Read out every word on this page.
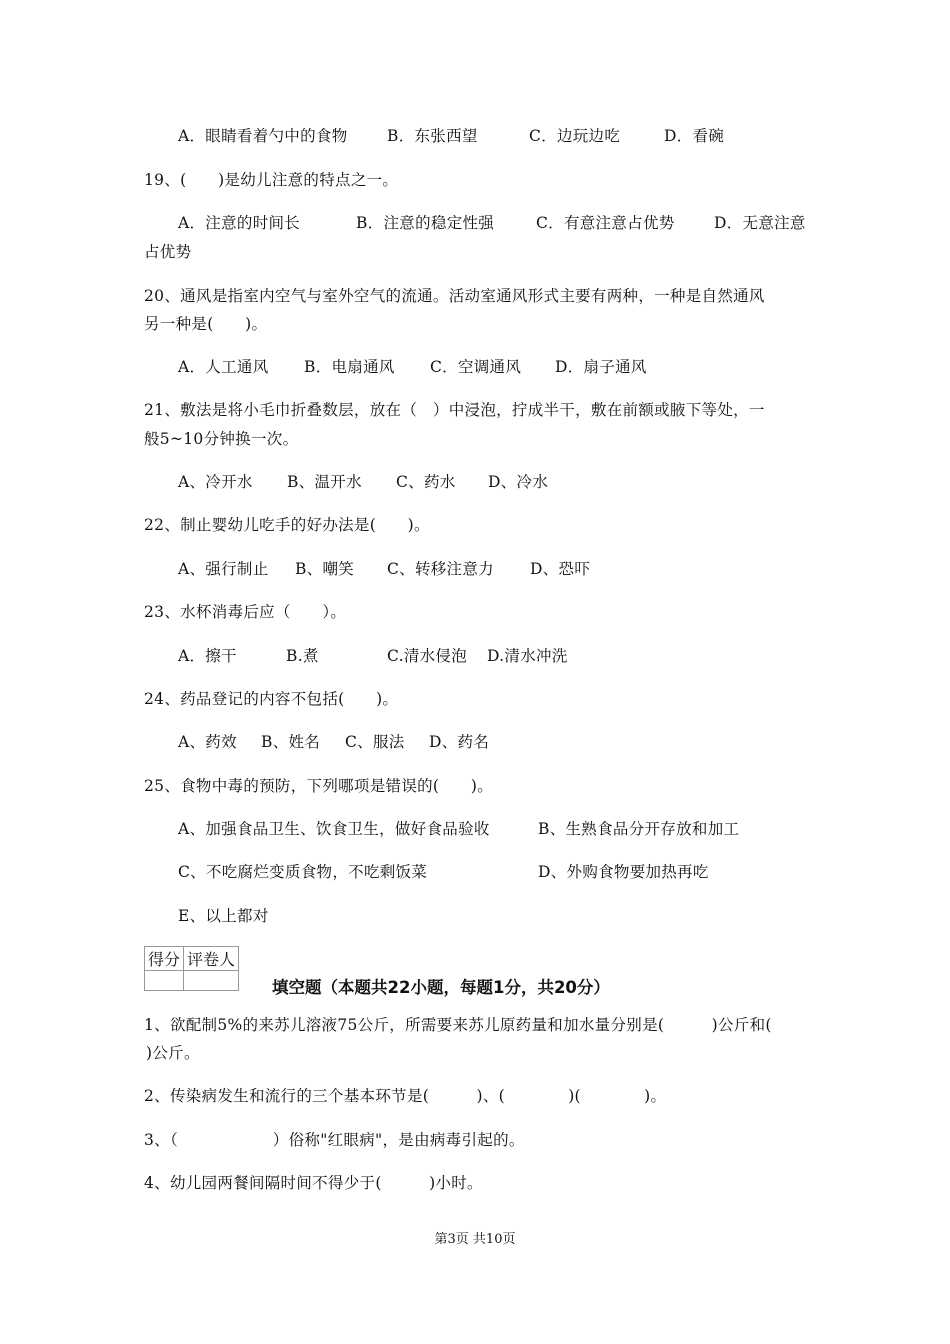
A．眼睛看着勺中的食物	B．东张西望	C．边玩边吃	D．看碗
19、(　　)是幼儿注意的特点之一。
A．注意的时间长	B．注意的稳定性强	C．有意注意占优势	D．无意注意
占优势
20、通风是指室内空气与室外空气的流通。活动室通风形式主要有两种，一种是自然通风
另一种是(　　)。
A．人工通风 B．电扇通风 C．空调通风 D．扇子通风
21、敷法是将小毛巾折叠数层，放在（　）中浸泡，拧成半干，敷在前额或腋下等处，一
般5~10分钟换一次。
A、冷开水 B、温开水 C、药水 D、冷水
22、制止婴幼儿吃手的好办法是(　　)。
A、强行制止 B、嘲笑 C、转移注意力 D、恐吓
23、水杯消毒后应（　　）。
A．擦干	B.煮	C.清水侵泡 D.清水冲洗
24、药品登记的内容不包括(　　)。
A、药效 B、姓名 C、服法 D、药名
25、食物中毒的预防，下列哪项是错误的(　　)。
A、加强食品卫生、饮食卫生，做好食品验收	B、生熟食品分开存放和加工
C、不吃腐烂变质食物，不吃剩饭菜	D、外购食物要加热再吃
E、以上都对
得分	评卷人

填空题（本题共22小题，每题1分，共20分）
1、欲配制5%的来苏儿溶液75公斤，所需要来苏儿原药量和加水量分别是(　　　)公斤和(
)公斤。
2、传染病发生和流行的三个基本环节是(　　　)、(　　　　)(　　　　)。
3、（　　　　　　）俗称"红眼病"，是由病毒引起的。
4、幼儿园两餐间隔时间不得少于(　　　)小时。
第3页 共10页
